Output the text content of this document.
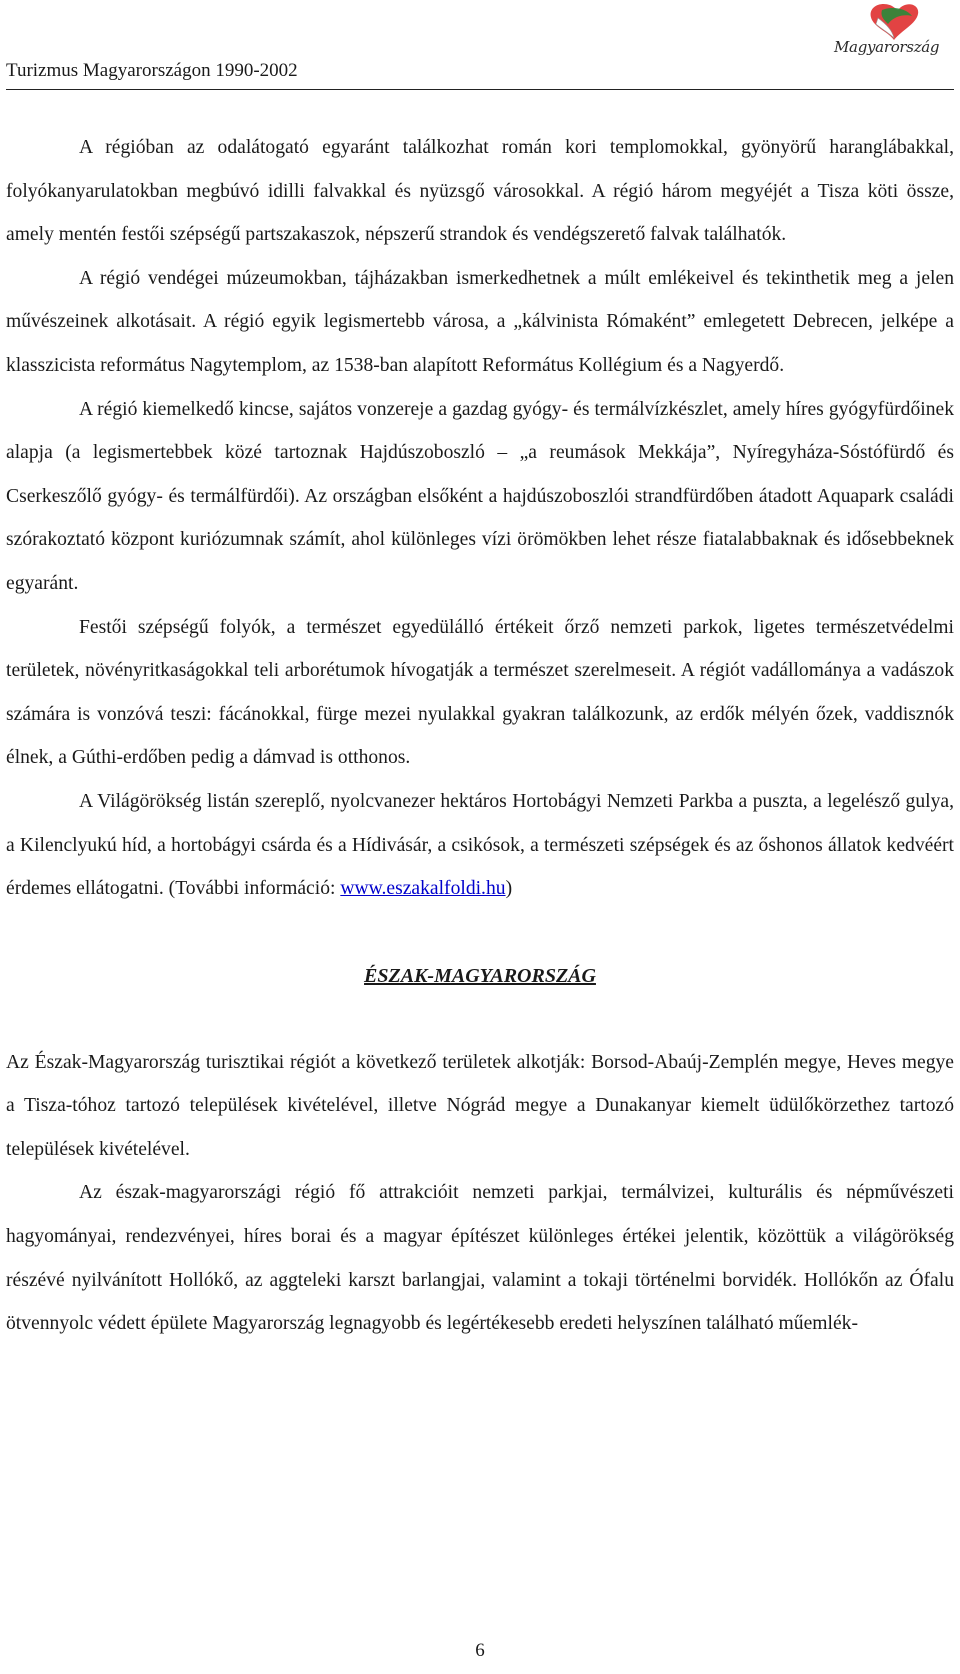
Turizmus Magyarországon 1990-2002
Magyarország

A régióban az odalátogató egyaránt találkozhat román kori templomokkal, gyönyörű haranglábakkal, folyókanyarulatokban megbúvó idilli falvakkal és nyüzsgő városokkal. A régió három megyéjét a Tisza köti össze, amely mentén festői szépségű partszakaszok, népszerű strandok és vendégszerető falvak találhatók.

A régió vendégei múzeumokban, tájházakban ismerkedhetnek a múlt emlékeivel és tekinthetik meg a jelen művészeinek alkotásait. A régió egyik legismertebb városa, a „kálvinista Rómaként” emlegetett Debrecen, jelképe a klasszicista református Nagytemplom, az 1538-ban alapított Református Kollégium és a Nagyerdő.

A régió kiemelkedő kincse, sajátos vonzereje a gazdag gyógy- és termálvízkészlet, amely híres gyógyfürdőinek alapja (a legismertebbek közé tartoznak Hajdúszoboszló – „a reumások Mekkája”, Nyíregyháza-Sóstófürdő és Cserkeszőlő gyógy- és termálfürdői). Az országban elsőként a hajdúszoboszlói strandfürdőben átadott Aquapark családi szórakoztató központ kuriózumnak számít, ahol különleges vízi örömökben lehet része fiatalabbaknak és idősebbeknek egyaránt.

Festői szépségű folyók, a természet egyedülálló értékeit őrző nemzeti parkok, ligetes természetvédelmi területek, növényritkaságokkal teli arborétumok hívogatják a természet szerelmeseit. A régiót vadállománya a vadászok számára is vonzóvá teszi: fácánokkal, fürge mezei nyulakkal gyakran találkozunk, az erdők mélyén őzek, vaddisznók élnek, a Gúthi-erdőben pedig a dámvad is otthonos.

A Világörökség listán szereplő, nyolcvanezer hektáros Hortobágyi Nemzeti Parkba a puszta, a legelésző gulya, a Kilenclyukú híd, a hortobágyi csárda és a Hídivásár, a csikósok, a természeti szépségek és az őshonos állatok kedvéért érdemes ellátogatni. (További információ: www.eszakalfoldi.hu)

ÉSZAK-MAGYARORSZÁG

Az Észak-Magyarország turisztikai régiót a következő területek alkotják: Borsod-Abaúj-Zemplén megye, Heves megye a Tisza-tóhoz tartozó települések kivételével, illetve Nógrád megye a Dunakanyar kiemelt üdülőkörzethez tartozó települések kivételével.

Az észak-magyarországi régió fő attrakcióit nemzeti parkjai, termálvizei, kulturális és népművészeti hagyományai, rendezvényei, híres borai és a magyar építészet különleges értékei jelentik, közöttük a világörökség részévé nyilvánított Hollókő, az aggteleki karszt barlangjai, valamint a tokaji történelmi borvidék. Hollókőn az Ófalu ötvennyolc védett épülete Magyarország legnagyobb és legértékesebb eredeti helyszínen található műemlék-

6
